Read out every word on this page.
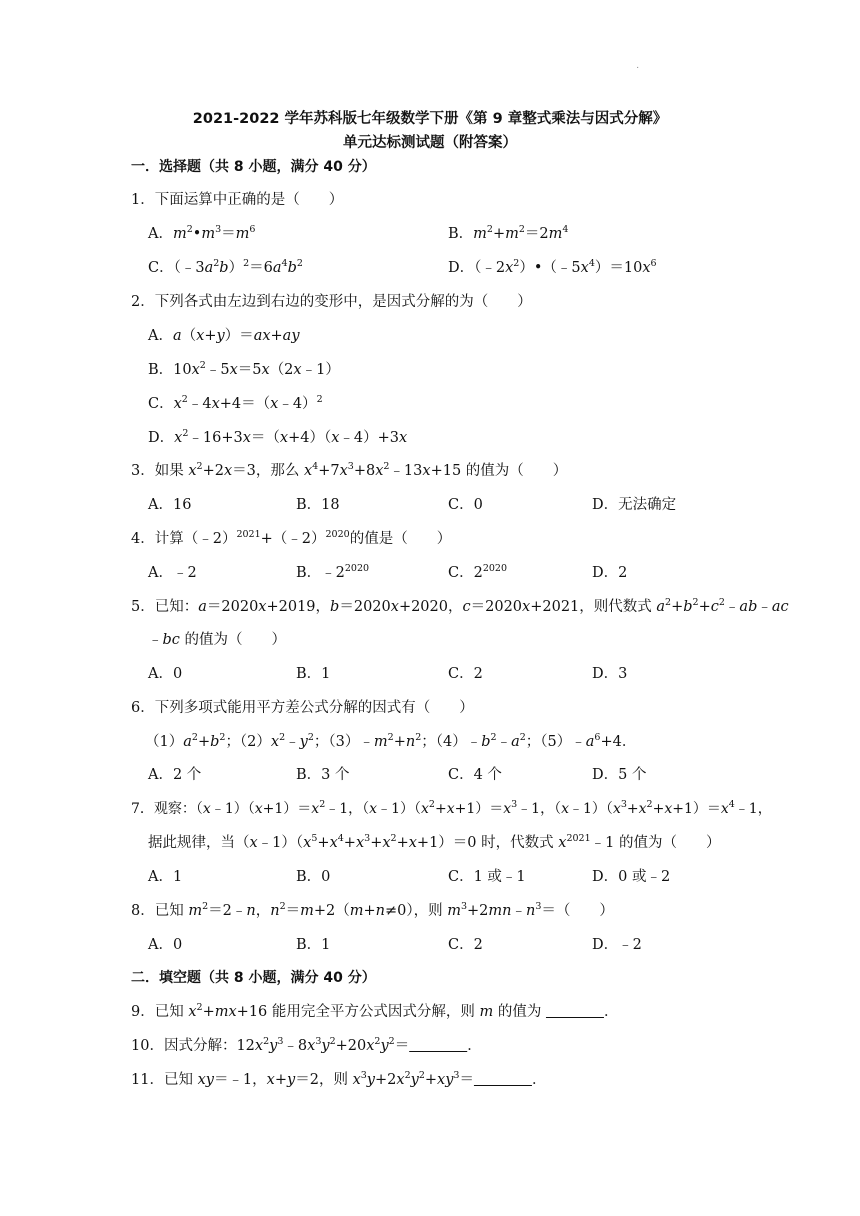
·
2021-2022 学年苏科版七年级数学下册《第 9 章整式乘法与因式分解》
单元达标测试题（附答案）
一．选择题（共 8 小题，满分 40 分）
1．下面运算中正确的是（　　）
A．$m^2•m^3=m^6$	B．$m^2+m^2=2m^4$
C．$(﹣3a^2b)^2=6a^4b^2$	D．$(﹣2x^2)•(﹣5x^4)=10x^6$
2．下列各式由左边到右边的变形中，是因式分解的为（　　）
A．a（x+y）＝ax+ay
B．$10x^2﹣5x=5x(2x﹣1)$
C．$x^2﹣4x+4=(x﹣4)^2$
D．$x^2﹣16+3x=(x+4)(x﹣4)+3x$
3．如果 $x^2+2x=3$，那么 $x^4+7x^3+8x^2﹣13x+15$ 的值为（　　）
A．16	B．18	C．0	D．无法确定
4．计算（﹣2）$^{2021}$+（﹣2）$^{2020}$的值是（　　）
A．﹣2	B．$﹣2^{2020}$	C．$2^{2020}$	D．2
5．已知：a＝2020x+2019，b＝2020x+2020，c＝2020x+2021，则代数式 $a^2+b^2+c^2﹣ab﹣ac$
﹣bc 的值为（　　）
A．0	B．1	C．2	D．3
6．下列多项式能用平方差公式分解的因式有（　　）
$(1)a^2+b^2$；$(2)x^2﹣y^2$；$(3)﹣m^2+n^2$；$(4)﹣b^2﹣a^2$；$(5)﹣a^6+4$．
A．2 个	B．3 个	C．4 个	D．5 个
7．观察：$(x﹣1)(x+1)=x^2﹣1$，$(x﹣1)(x^2+x+1)=x^3﹣1$，$(x﹣1)(x^3+x^2+x+1)=x^4﹣1$，
据此规律，当$(x﹣1)(x^5+x^4+x^3+x^2+x+1)=0$ 时，代数式 $x^{2021}﹣1$ 的值为（　　）
A．1	B．0	C．1 或﹣1	D．0 或﹣2
8．已知 $m^2=2﹣n$，$n^2=m+2(m+n\ne 0)$，则 $m^3+2mn﹣n^3=$（　　）
A．0	B．1	C．2	D．﹣2
二．填空题（共 8 小题，满分 40 分）
9．已知 $x^2+mx+16$ 能用完全平方公式因式分解，则 m 的值为 　　　　	．
10．因式分解：$12x^2y^3﹣8x^3y^2+20x^2y^2=$　　　　	．
11．已知 xy＝﹣1，x+y＝2，则 $x^3y+2x^2y^2+xy^3=$　　　　	．
